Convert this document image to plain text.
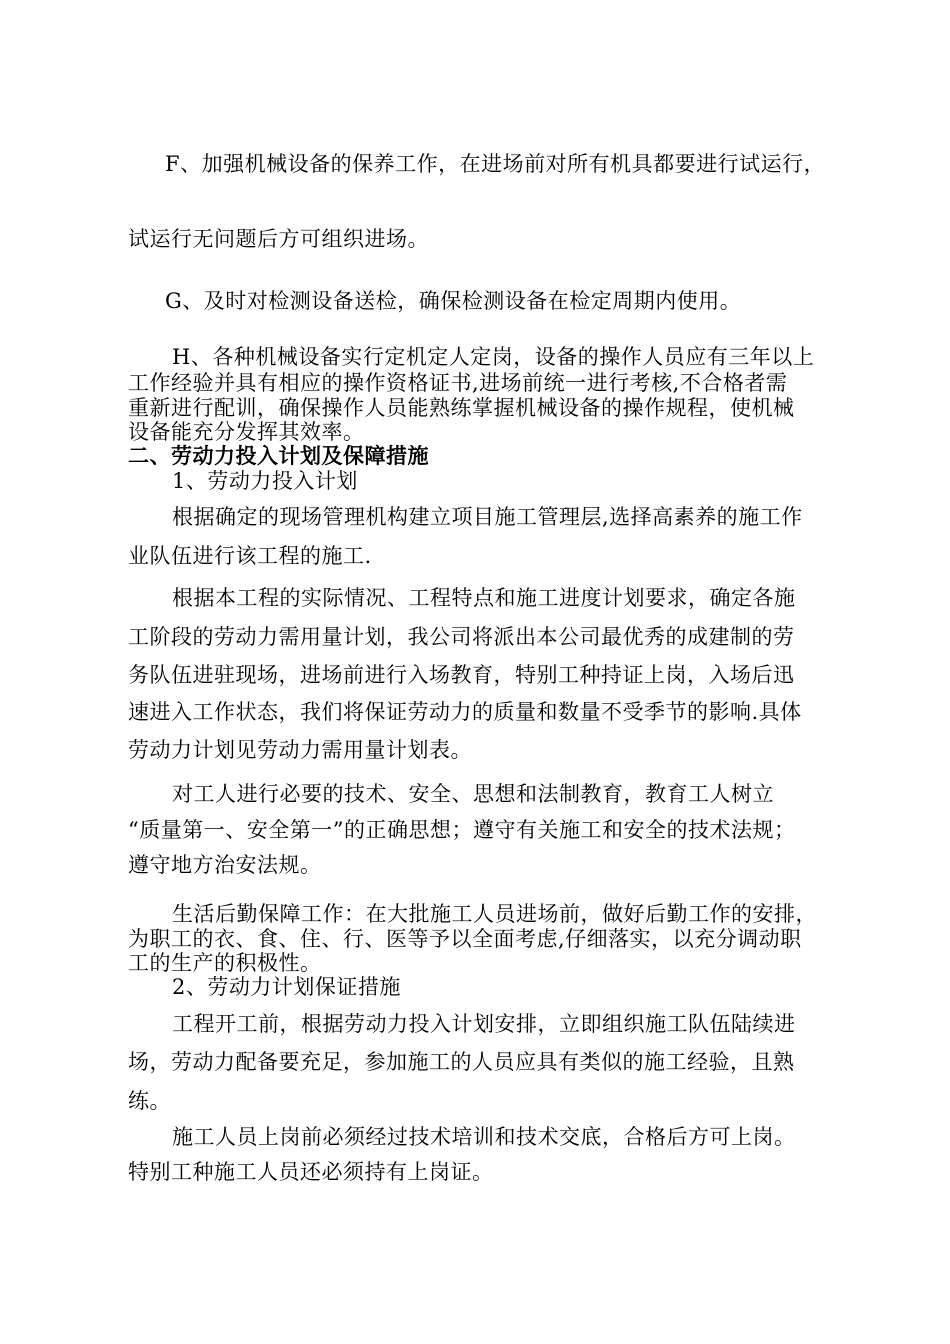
F、加强机械设备的保养工作，在进场前对所有机具都要进行试运行，
试运行无问题后方可组织进场。
G、及时对检测设备送检，确保检测设备在检定周期内使用。
H、各种机械设备实行定机定人定岗，设备的操作人员应有三年以上
工作经验并具有相应的操作资格证书,进场前统一进行考核,不合格者需
重新进行配训，确保操作人员能熟练掌握机械设备的操作规程，使机械
设备能充分发挥其效率。
二、劳动力投入计划及保障措施
1、劳动力投入计划
根据确定的现场管理机构建立项目施工管理层,选择高素养的施工作
业队伍进行该工程的施工.
根据本工程的实际情况、工程特点和施工进度计划要求，确定各施
工阶段的劳动力需用量计划，我公司将派出本公司最优秀的成建制的劳
务队伍进驻现场，进场前进行入场教育，特别工种持证上岗，入场后迅
速进入工作状态，我们将保证劳动力的质量和数量不受季节的影响.具体
劳动力计划见劳动力需用量计划表。
对工人进行必要的技术、安全、思想和法制教育，教育工人树立
“质量第一、安全第一”的正确思想；遵守有关施工和安全的技术法规；
遵守地方治安法规。
生活后勤保障工作：在大批施工人员进场前，做好后勤工作的安排，
为职工的衣、食、住、行、医等予以全面考虑,仔细落实，以充分调动职
工的生产的积极性。
2、劳动力计划保证措施
工程开工前，根据劳动力投入计划安排，立即组织施工队伍陆续进
场，劳动力配备要充足，参加施工的人员应具有类似的施工经验，且熟
练。
施工人员上岗前必须经过技术培训和技术交底，合格后方可上岗。
特别工种施工人员还必须持有上岗证。
